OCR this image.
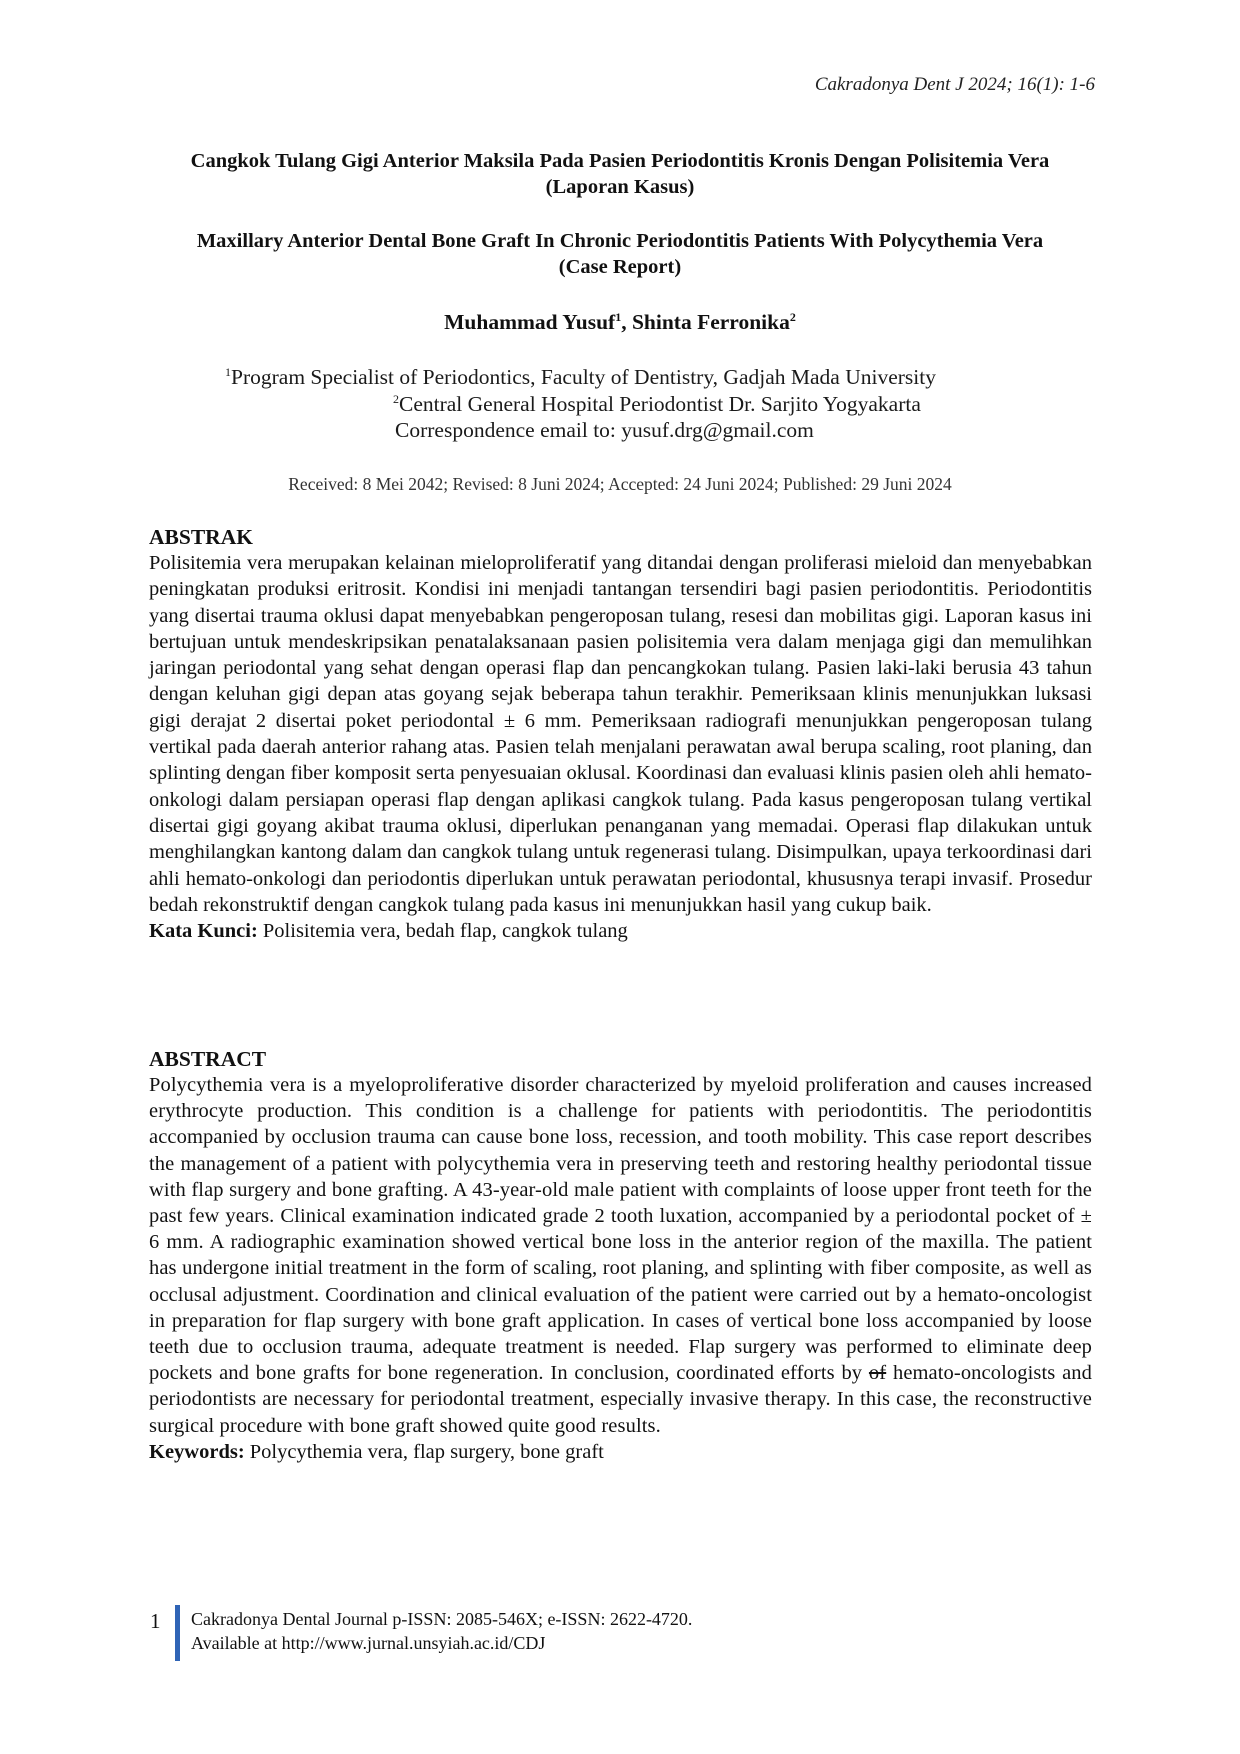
Cakradonya Dent J 2024; 16(1): 1-6
Cangkok Tulang Gigi Anterior Maksila Pada Pasien Periodontitis Kronis Dengan Polisitemia Vera
(Laporan Kasus)
Maxillary Anterior Dental Bone Graft In Chronic Periodontitis Patients With Polycythemia Vera
(Case Report)
Muhammad Yusuf$^1$, Shinta Ferronika$^2$
$^1$Program Specialist of Periodontics, Faculty of Dentistry, Gadjah Mada University
$^2$Central General Hospital Periodontist Dr. Sarjito Yogyakarta
Correspondence email to: yusuf.drg@gmail.com
Received: 8 Mei 2042; Revised: 8 Juni 2024; Accepted: 24 Juni 2024; Published: 29 Juni 2024
ABSTRAK

Polisitemia vera merupakan kelainan mieloproliferatif yang ditandai dengan proliferasi mieloid dan menyebabkan peningkatan produksi eritrosit. Kondisi ini menjadi tantangan tersendiri bagi pasien periodontitis. Periodontitis yang disertai trauma oklusi dapat menyebabkan pengeroposan tulang, resesi dan mobilitas gigi. Laporan kasus ini bertujuan untuk mendeskripsikan penatalaksanaan pasien polisitemia vera dalam menjaga gigi dan memulihkan jaringan periodontal yang sehat dengan operasi flap dan pencangkokan tulang. Pasien laki-laki berusia 43 tahun dengan keluhan gigi depan atas goyang sejak beberapa tahun terakhir. Pemeriksaan klinis menunjukkan luksasi gigi derajat 2 disertai poket periodontal ± 6 mm. Pemeriksaan radiografi menunjukkan pengeroposan tulang vertikal pada daerah anterior rahang atas. Pasien telah menjalani perawatan awal berupa scaling, root planing, dan splinting dengan fiber komposit serta penyesuaian oklusal. Koordinasi dan evaluasi klinis pasien oleh ahli hemato-onkologi dalam persiapan operasi flap dengan aplikasi cangkok tulang. Pada kasus pengeroposan tulang vertikal disertai gigi goyang akibat trauma oklusi, diperlukan penanganan yang memadai. Operasi flap dilakukan untuk menghilangkan kantong dalam dan cangkok tulang untuk regenerasi tulang. Disimpulkan, upaya terkoordinasi dari ahli hemato-onkologi dan periodontis diperlukan untuk perawatan periodontal, khususnya terapi invasif. Prosedur bedah rekonstruktif dengan cangkok tulang pada kasus ini menunjukkan hasil yang cukup baik.

Kata Kunci: Polisitemia vera, bedah flap, cangkok tulang
ABSTRACT

Polycythemia vera is a myeloproliferative disorder characterized by myeloid proliferation and causes increased erythrocyte production. This condition is a challenge for patients with periodontitis. The periodontitis accompanied by occlusion trauma can cause bone loss, recession, and tooth mobility. This case report describes the management of a patient with polycythemia vera in preserving teeth and restoring healthy periodontal tissue with flap surgery and bone grafting. A 43-year-old male patient with complaints of loose upper front teeth for the past few years. Clinical examination indicated grade 2 tooth luxation, accompanied by a periodontal pocket of ± 6 mm. A radiographic examination showed vertical bone loss in the anterior region of the maxilla. The patient has undergone initial treatment in the form of scaling, root planing, and splinting with fiber composite, as well as occlusal adjustment. Coordination and clinical evaluation of the patient were carried out by a hemato-oncologist in preparation for flap surgery with bone graft application. In cases of vertical bone loss accompanied by loose teeth due to occlusion trauma, adequate treatment is needed. Flap surgery was performed to eliminate deep pockets and bone grafts for bone regeneration. In conclusion, coordinated efforts by of hemato-oncologists and periodontists are necessary for periodontal treatment, especially invasive therapy. In this case, the reconstructive surgical procedure with bone graft showed quite good results.

Keywords: Polycythemia vera, flap surgery, bone graft
1 Cakradonya Dental Journal p-ISSN: 2085-546X; e-ISSN: 2622-4720.
Available at http://www.jurnal.unsyiah.ac.id/CDJ
